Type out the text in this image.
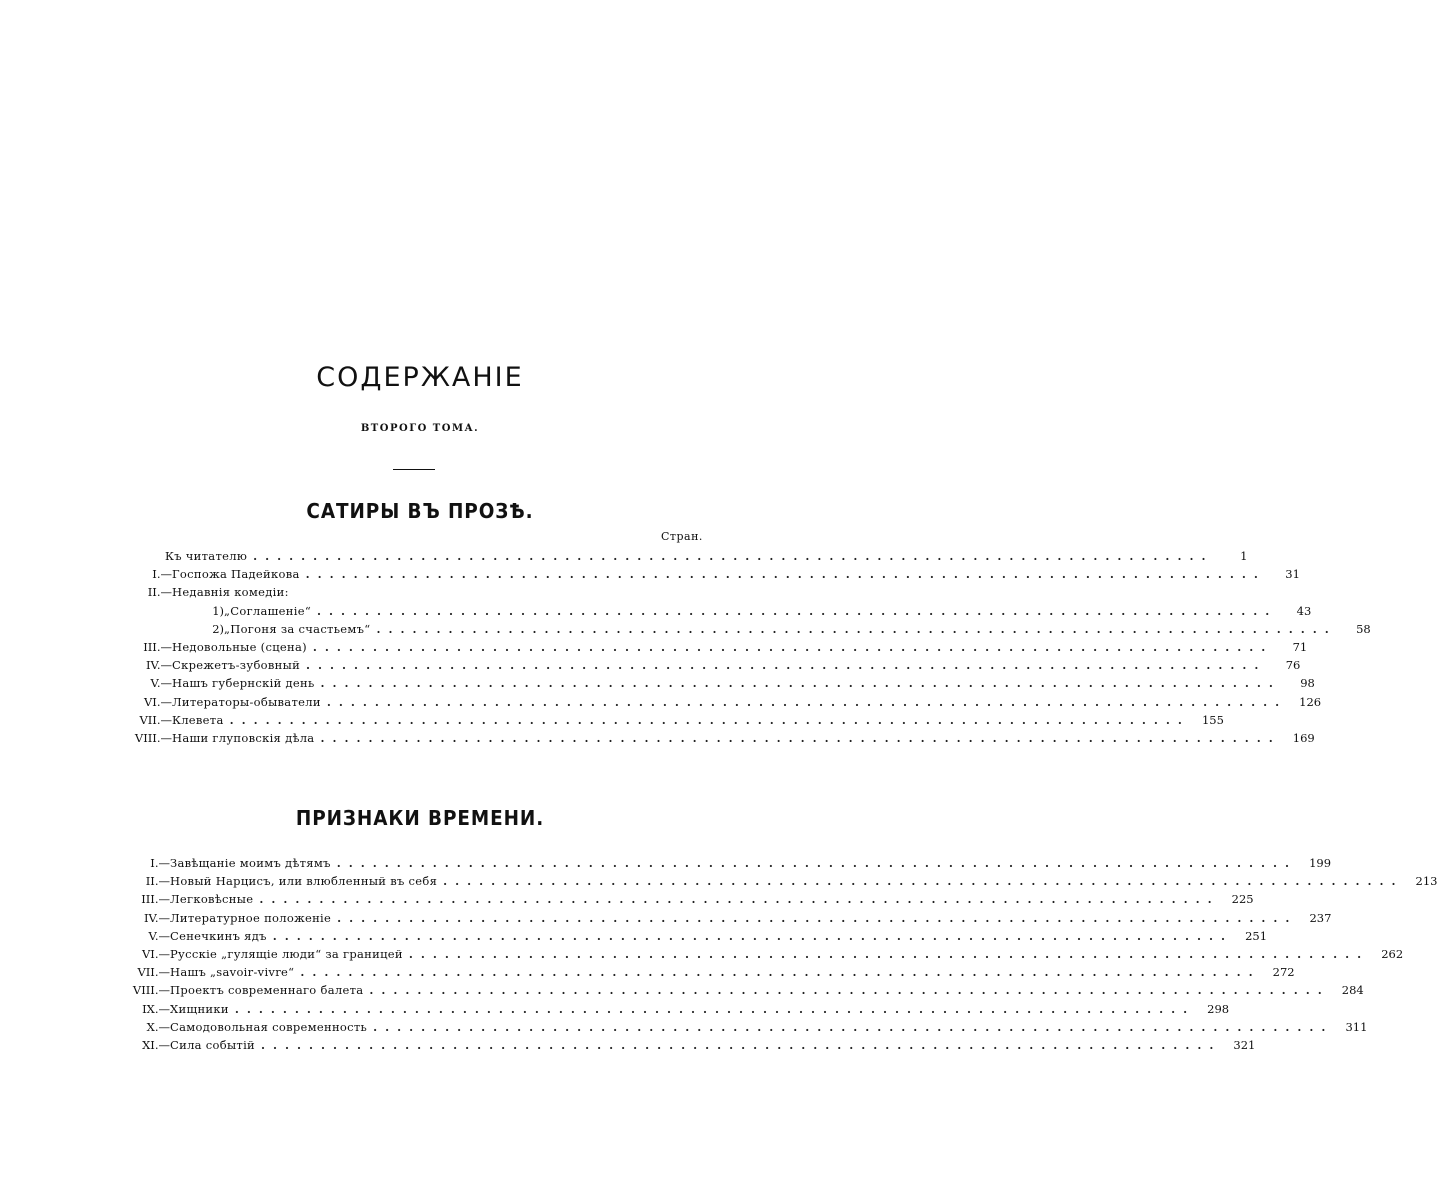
СОДЕРЖАНІЕ
ВТОРОГО ТОМА.
САТИРЫ ВЪ ПРОЗѢ.
Стран.
ПРИЗНАКИ ВРЕМЕНИ.
Къ читателю ................................................................................	1
I.— Госпожа Падейкова ................................................................................	31
II.— Недавнія комедіи:
1) „Соглашеніе“ ................................................................................	43
2) „Погоня за счастьемъ“ ................................................................................	58
III.— Недовольные (сцена) ................................................................................	71
IV.— Скрежетъ-зубовный ................................................................................	76
V.— Нашъ губернскій день ................................................................................	98
VI.— Литераторы-обыватели ................................................................................	126
VII.— Клевета ................................................................................	155
VIII.— Наши глуповскія дѣла ................................................................................	169
I.— Завѣщаніе моимъ дѣтямъ ................................................................................	199
II.— Новый Нарцисъ, или влюбленный въ себя ................................................................................	213
III.— Легковѣсные ................................................................................	225
IV.— Литературное положеніе ................................................................................	237
V.— Сенечкинъ ядъ ................................................................................	251
VI.— Русскіе „гулящіе люди“ за границей ................................................................................	262
VII.— Нашъ „savoir-vivre“ ................................................................................	272
VIII.— Проектъ современнаго балета ................................................................................	284
IX.— Хищники ................................................................................	298
X.— Самодовольная современность ................................................................................	311
XI.— Сила событій ................................................................................	321
